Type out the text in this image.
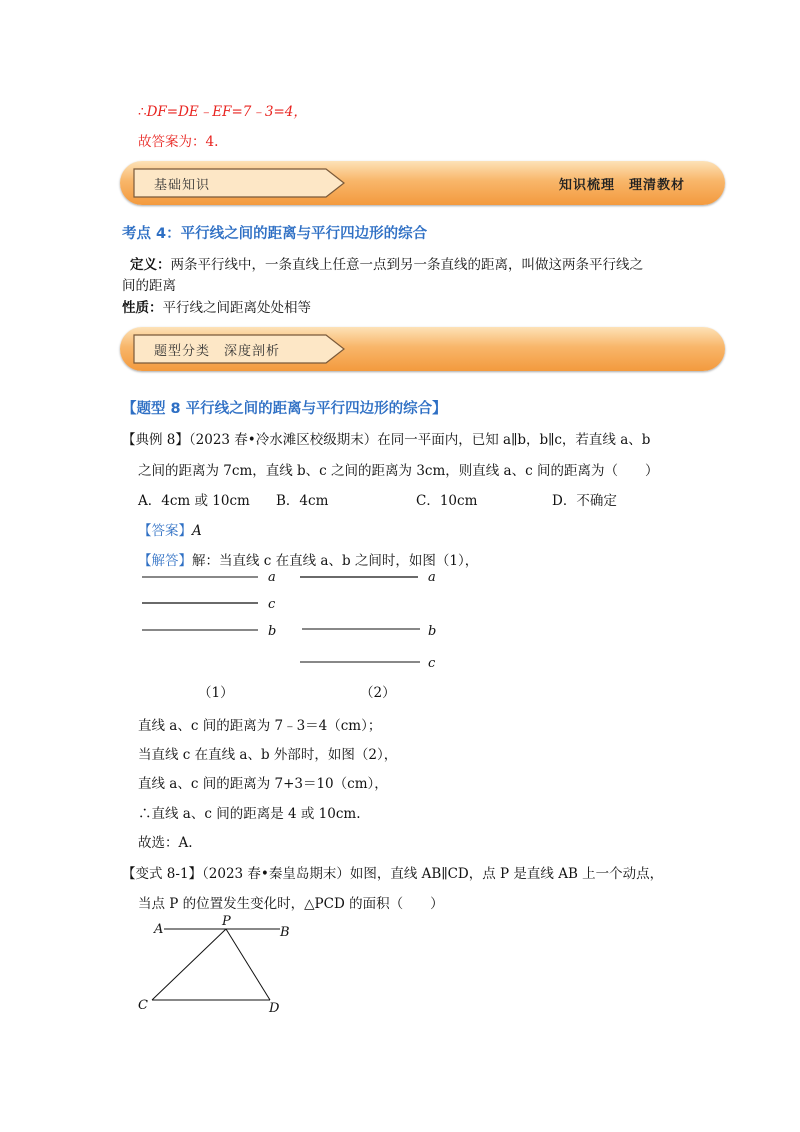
∴DF=DE﹣EF=7﹣3=4，
故答案为：4.
基础知识	知识梳理　理清教材
考点 4：平行线之间的距离与平行四边形的综合
定义：两条平行线中，一条直线上任意一点到另一条直线的距离，叫做这两条平行线之
间的距离
性质：平行线之间距离处处相等
题型分类　深度剖析
【题型 8 平行线之间的距离与平行四边形的综合】
【典例 8】（2023 春•冷水滩区校级期末）在同一平面内，已知 a∥b，b∥c，若直线 a、b
之间的距离为 7cm，直线 b、c 之间的距离为 3cm，则直线 a、c 间的距离为（　　）
A．4cm 或 10cm B．4cm	C．10cm	D．不确定
【答案】A
【解答】解：当直线 c 在直线 a、b 之间时，如图（1），
a
c
b
a
b
c
（1）	（2）
直线 a、c 间的距离为 7﹣3＝4（cm）；
当直线 c 在直线 a、b 外部时，如图（2），
直线 a、c 间的距离为 7+3＝10（cm），
∴直线 a、c 间的距离是 4 或 10cm.
故选：A.
【变式 8-1】（2023 春•秦皇岛期末）如图，直线 AB∥CD，点 P 是直线 AB 上一个动点，
当点 P 的位置发生变化时，△PCD 的面积（　　）
A
P
B
C	D
